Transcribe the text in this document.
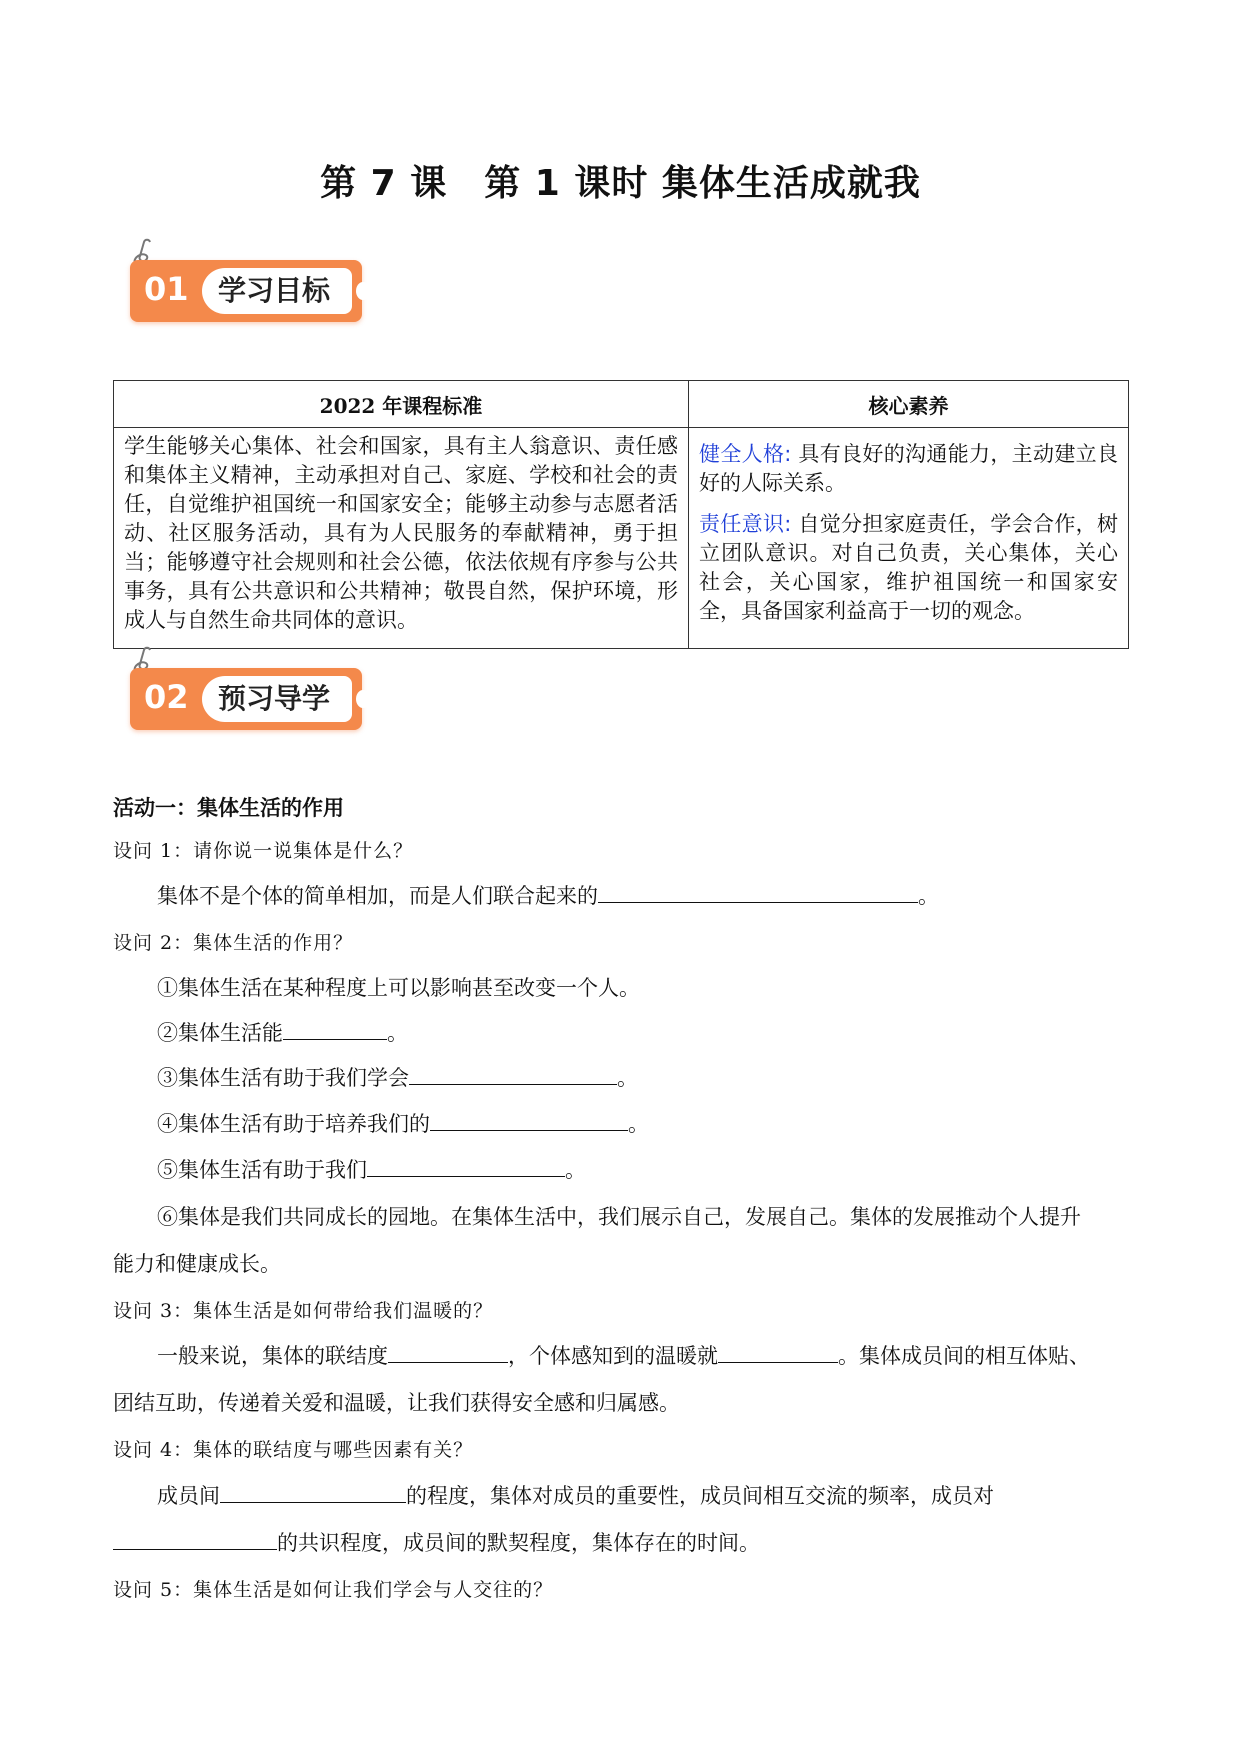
第 7 课　第 1 课时 集体生活成就我
01	学习目标
2022 年课程标准	核心素养
学生能够关心集体、社会和国家，具有主人翁意识、责任感和集体主义精神，主动承担对自己、家庭、学校和社会的责任，自觉维护祖国统一和国家安全；能够主动参与志愿者活动、社区服务活动，具有为人民服务的奉献精神，勇于担当；能够遵守社会规则和社会公德，依法依规有序参与公共事务，具有公共意识和公共精神；敬畏自然，保护环境，形成人与自然生命共同体的意识。	健全人格: 具有良好的沟通能力，主动建立良好的人际关系。

责任意识: 自觉分担家庭责任，学会合作，树立团队意识。对自己负责，关心集体，关心社会，关心国家，维护祖国统一和国家安全，具备国家利益高于一切的观念。

02	预习导学
活动一：集体生活的作用
设问 1：请你说一说集体是什么？
集体不是个体的简单相加，而是人们联合起来的	。
设问 2：集体生活的作用？
①集体生活在某种程度上可以影响甚至改变一个人。
②集体生活能	。
③集体生活有助于我们学会	。
④集体生活有助于培养我们的	。
⑤集体生活有助于我们	。
⑥集体是我们共同成长的园地。在集体生活中，我们展示自己，发展自己。集体的发展推动个人提升
能力和健康成长。
设问 3：集体生活是如何带给我们温暖的？
一般来说，集体的联结度	，个体感知到的温暖就	。集体成员间的相互体贴、
团结互助，传递着关爱和温暖，让我们获得安全感和归属感。
设问 4：集体的联结度与哪些因素有关？
成员间	的程度，集体对成员的重要性，成员间相互交流的频率，成员对
的共识程度，成员间的默契程度，集体存在的时间。
设问 5：集体生活是如何让我们学会与人交往的？
